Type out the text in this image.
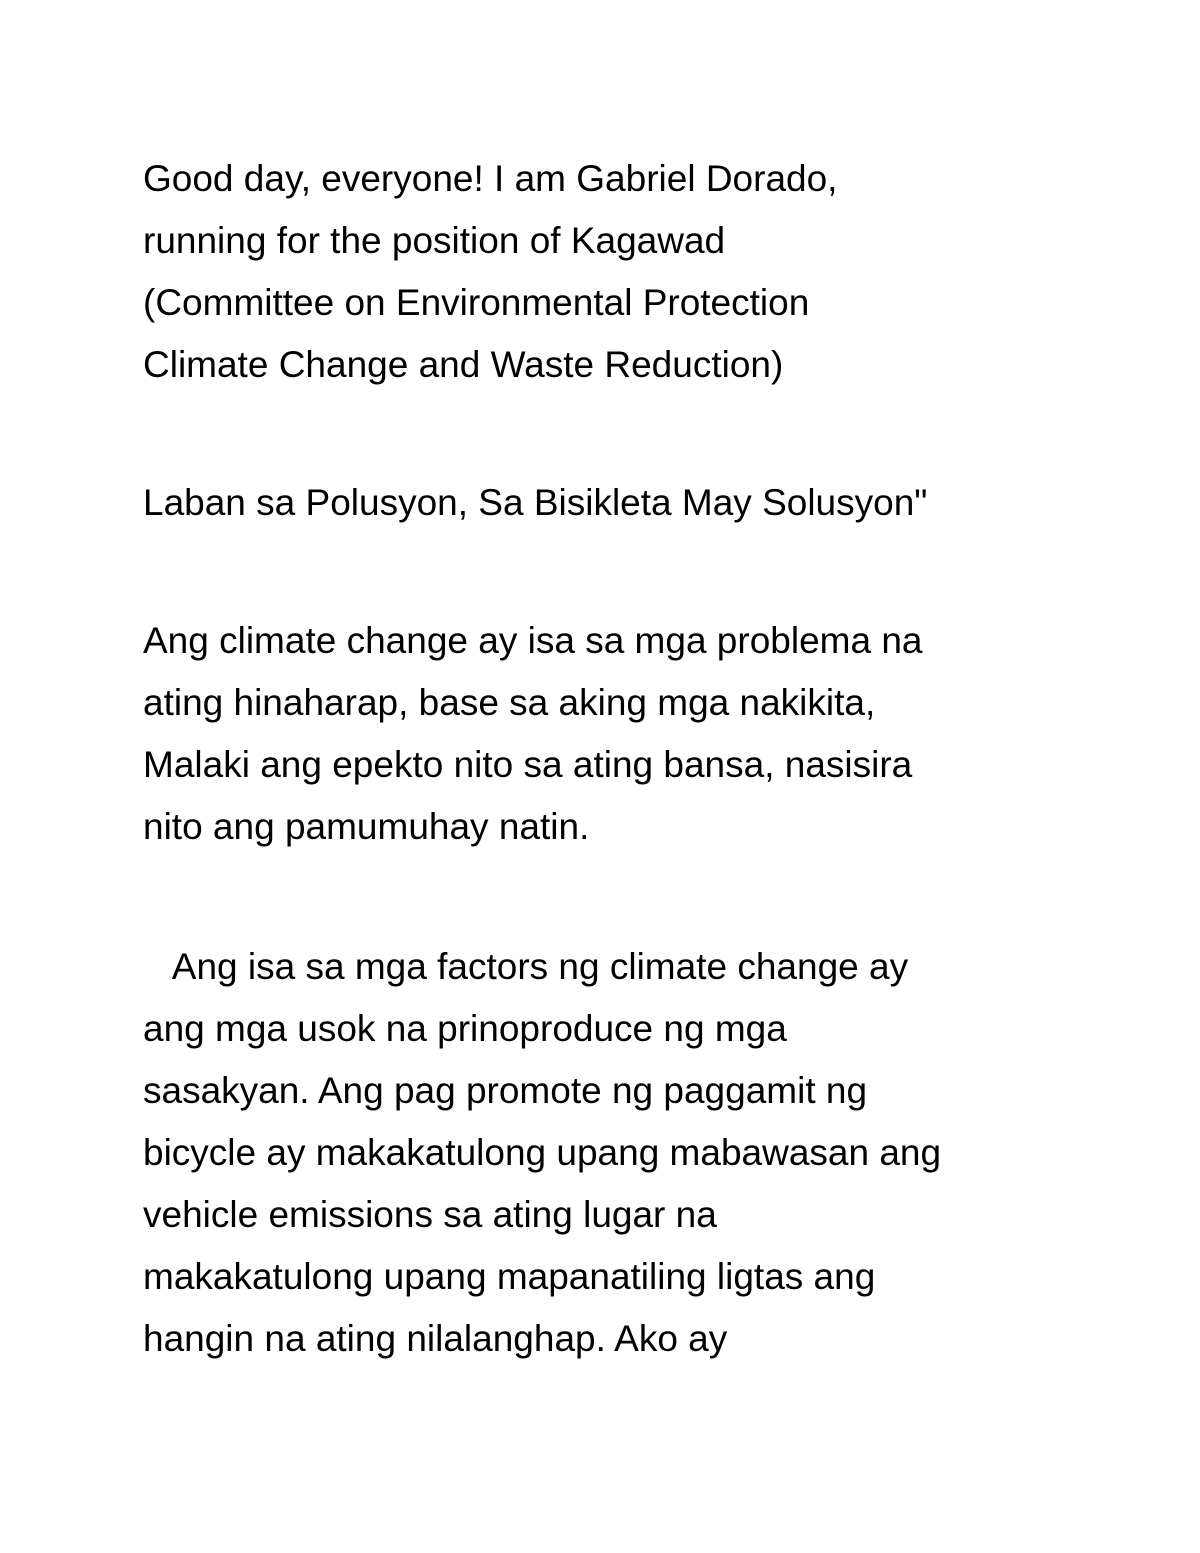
Good day, everyone! I am Gabriel Dorado,
running for the position of Kagawad
(Committee on Environmental Protection
Climate Change and Waste Reduction)
Laban sa Polusyon, Sa Bisikleta May Solusyon"
Ang climate change ay isa sa mga problema na
ating hinaharap, base sa aking mga nakikita,
Malaki ang epekto nito sa ating bansa, nasisira
nito ang pamumuhay natin.
Ang isa sa mga factors ng climate change ay
ang mga usok na prinoproduce ng mga
sasakyan. Ang pag promote ng paggamit ng
bicycle ay makakatulong upang mabawasan ang
vehicle emissions sa ating lugar na
makakatulong upang mapanatiling ligtas ang
hangin na ating nilalanghap. Ako ay
